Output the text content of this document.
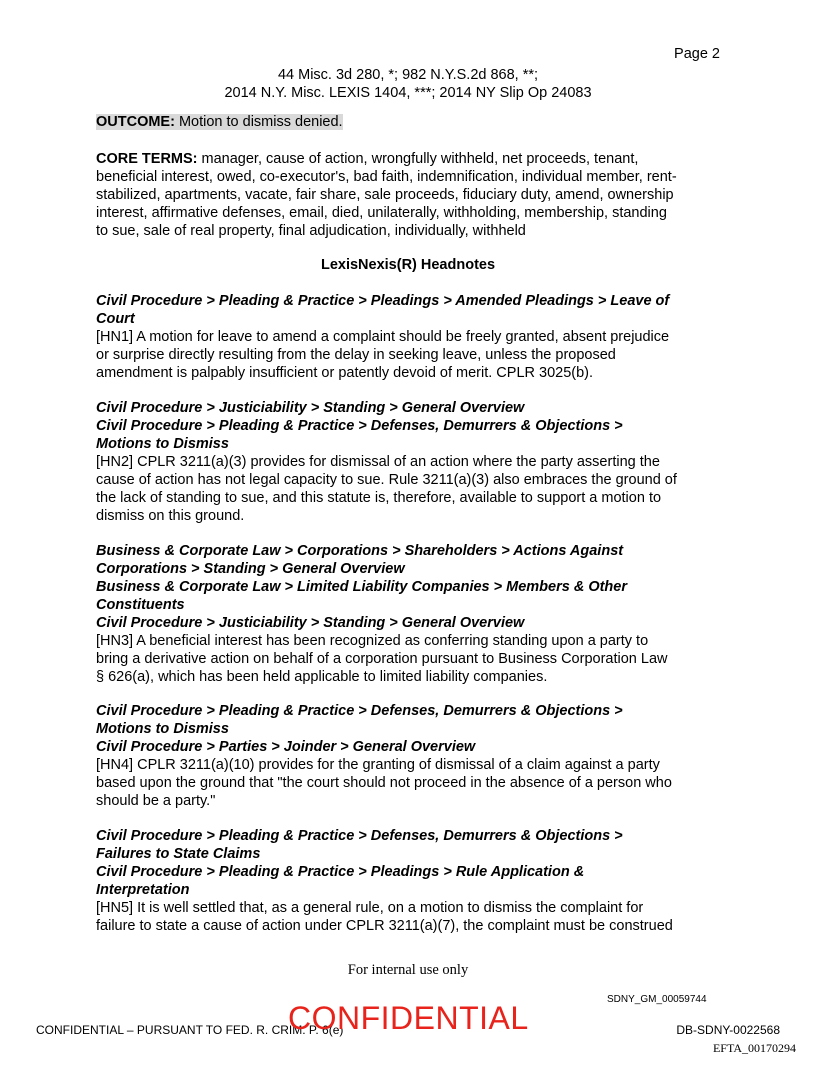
Page 2
44 Misc. 3d 280, *; 982 N.Y.S.2d 868, **;
2014 N.Y. Misc. LEXIS 1404, ***; 2014 NY Slip Op 24083
OUTCOME: Motion to dismiss denied.
CORE TERMS: manager, cause of action, wrongfully withheld, net proceeds, tenant,
beneficial interest, owed, co-executor's, bad faith, indemnification, individual member, rent-
stabilized, apartments, vacate, fair share, sale proceeds, fiduciary duty, amend, ownership
interest, affirmative defenses, email, died, unilaterally, withholding, membership, standing
to sue, sale of real property, final adjudication, individually, withheld
LexisNexis(R) Headnotes

Civil Procedure > Pleading & Practice > Pleadings > Amended Pleadings > Leave of

Court

[HN1] A motion for leave to amend a complaint should be freely granted, absent prejudice

or surprise directly resulting from the delay in seeking leave, unless the proposed

amendment is palpably insufficient or patently devoid of merit. CPLR 3025(b).

Civil Procedure > Justiciability > Standing > General Overview

Civil Procedure > Pleading & Practice > Defenses, Demurrers & Objections >

Motions to Dismiss

[HN2] CPLR 3211(a)(3) provides for dismissal of an action where the party asserting the

cause of action has not legal capacity to sue. Rule 3211(a)(3) also embraces the ground of

the lack of standing to sue, and this statute is, therefore, available to support a motion to

dismiss on this ground.

Business & Corporate Law > Corporations > Shareholders > Actions Against

Corporations > Standing > General Overview

Business & Corporate Law > Limited Liability Companies > Members & Other

Constituents

Civil Procedure > Justiciability > Standing > General Overview

[HN3] A beneficial interest has been recognized as conferring standing upon a party to

bring a derivative action on behalf of a corporation pursuant to Business Corporation Law

§ 626(a), which has been held applicable to limited liability companies.

Civil Procedure > Pleading & Practice > Defenses, Demurrers & Objections >

Motions to Dismiss

Civil Procedure > Parties > Joinder > General Overview

[HN4] CPLR 3211(a)(10) provides for the granting of dismissal of a claim against a party

based upon the ground that "the court should not proceed in the absence of a person who

should be a party."

Civil Procedure > Pleading & Practice > Defenses, Demurrers & Objections >

Failures to State Claims

Civil Procedure > Pleading & Practice > Pleadings > Rule Application &

Interpretation

[HN5] It is well settled that, as a general rule, on a motion to dismiss the complaint for

failure to state a cause of action under CPLR 3211(a)(7), the complaint must be construed

For internal use only
SDNY_GM_00059744
CONFIDENTIAL – PURSUANT TO FED. R. CRIM. P. 6(e)
CONFIDENTIAL	DB-SDNY-0022568
EFTA_00170294
